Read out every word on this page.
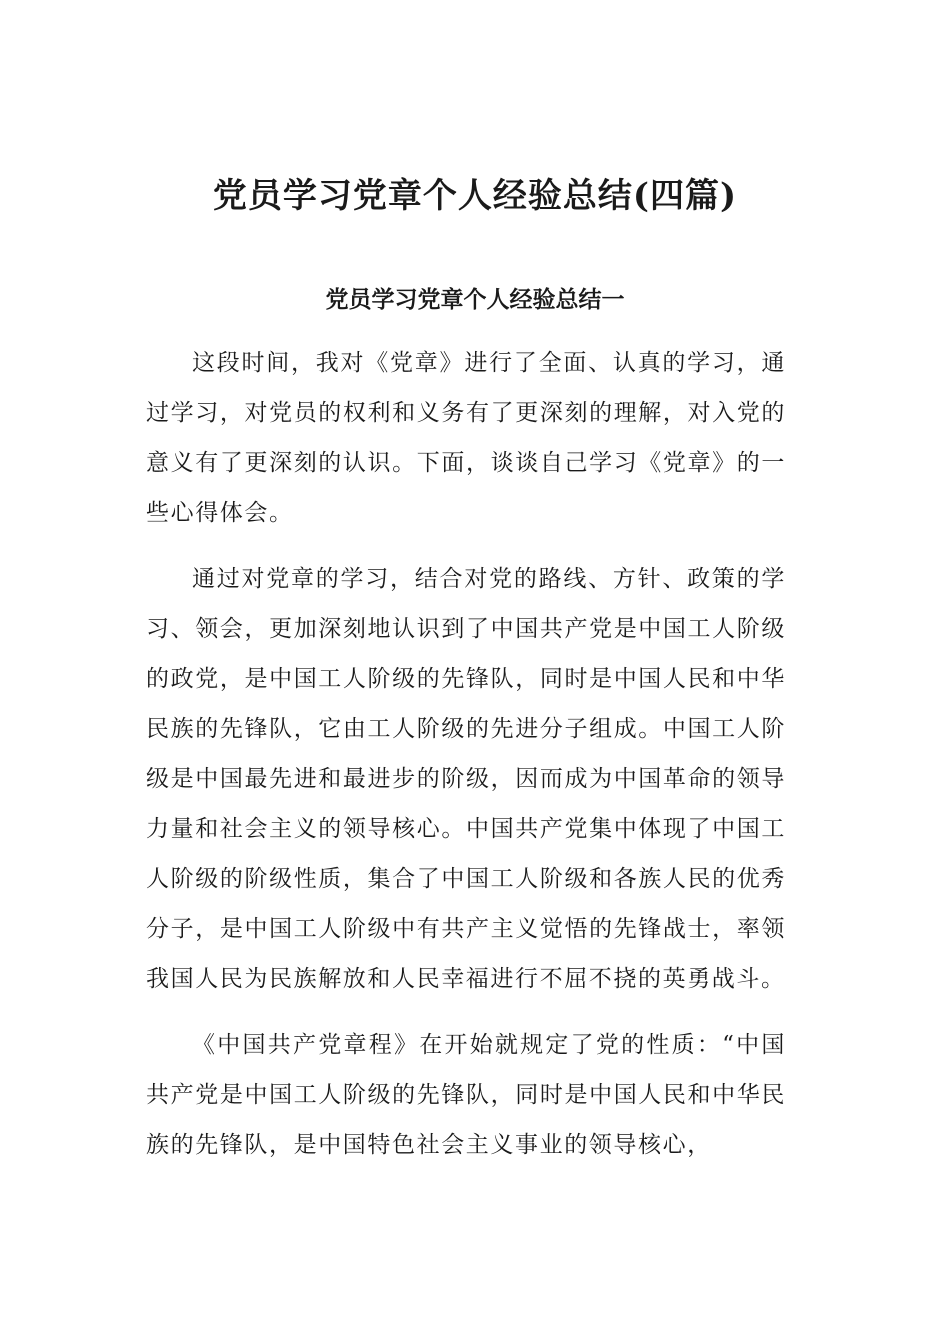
党员学习党章个人经验总结(四篇)
党员学习党章个人经验总结一

这段时间，我对《党章》进行了全面、认真的学习，通过学习，对党员的权利和义务有了更深刻的理解，对入党的意义有了更深刻的认识。下面，谈谈自己学习《党章》的一些心得体会。

通过对党章的学习，结合对党的路线、方针、政策的学习、领会，更加深刻地认识到了中国共产党是中国工人阶级的政党，是中国工人阶级的先锋队，同时是中国人民和中华民族的先锋队，它由工人阶级的先进分子组成。中国工人阶级是中国最先进和最进步的阶级，因而成为中国革命的领导力量和社会主义的领导核心。中国共产党集中体现了中国工人阶级的阶级性质，集合了中国工人阶级和各族人民的优秀分子，是中国工人阶级中有共产主义觉悟的先锋战士，率领我国人民为民族解放和人民幸福进行不屈不挠的英勇战斗。

《中国共产党章程》在开始就规定了党的性质：“中国共产党是中国工人阶级的先锋队，同时是中国人民和中华民族的先锋队，是中国特色社会主义事业的领导核心，
